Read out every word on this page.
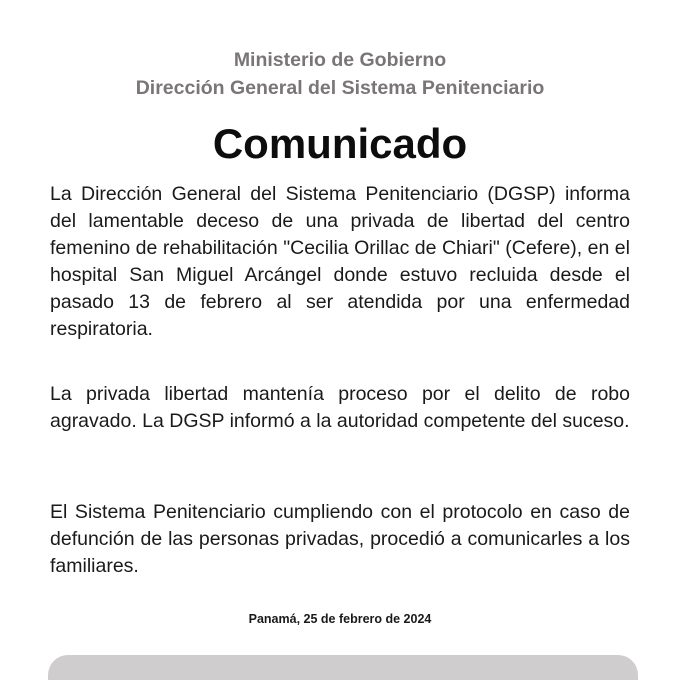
Ministerio de Gobierno
Dirección General del Sistema Penitenciario
Comunicado
La Dirección General del Sistema Penitenciario (DGSP) informa del lamentable deceso de una privada de libertad del centro femenino de rehabilitación "Cecilia Orillac de Chiari" (Cefere), en el hospital San Miguel Arcángel donde estuvo recluida desde el pasado 13 de febrero al ser atendida por una enfermedad respiratoria.
La privada libertad mantenía proceso por el delito de robo agravado. La DGSP informó a la autoridad competente del suceso.
El Sistema Penitenciario cumpliendo con el protocolo en caso de defunción de las personas privadas, procedió a comunicarles a los familiares.
Panamá, 25 de febrero de 2024
